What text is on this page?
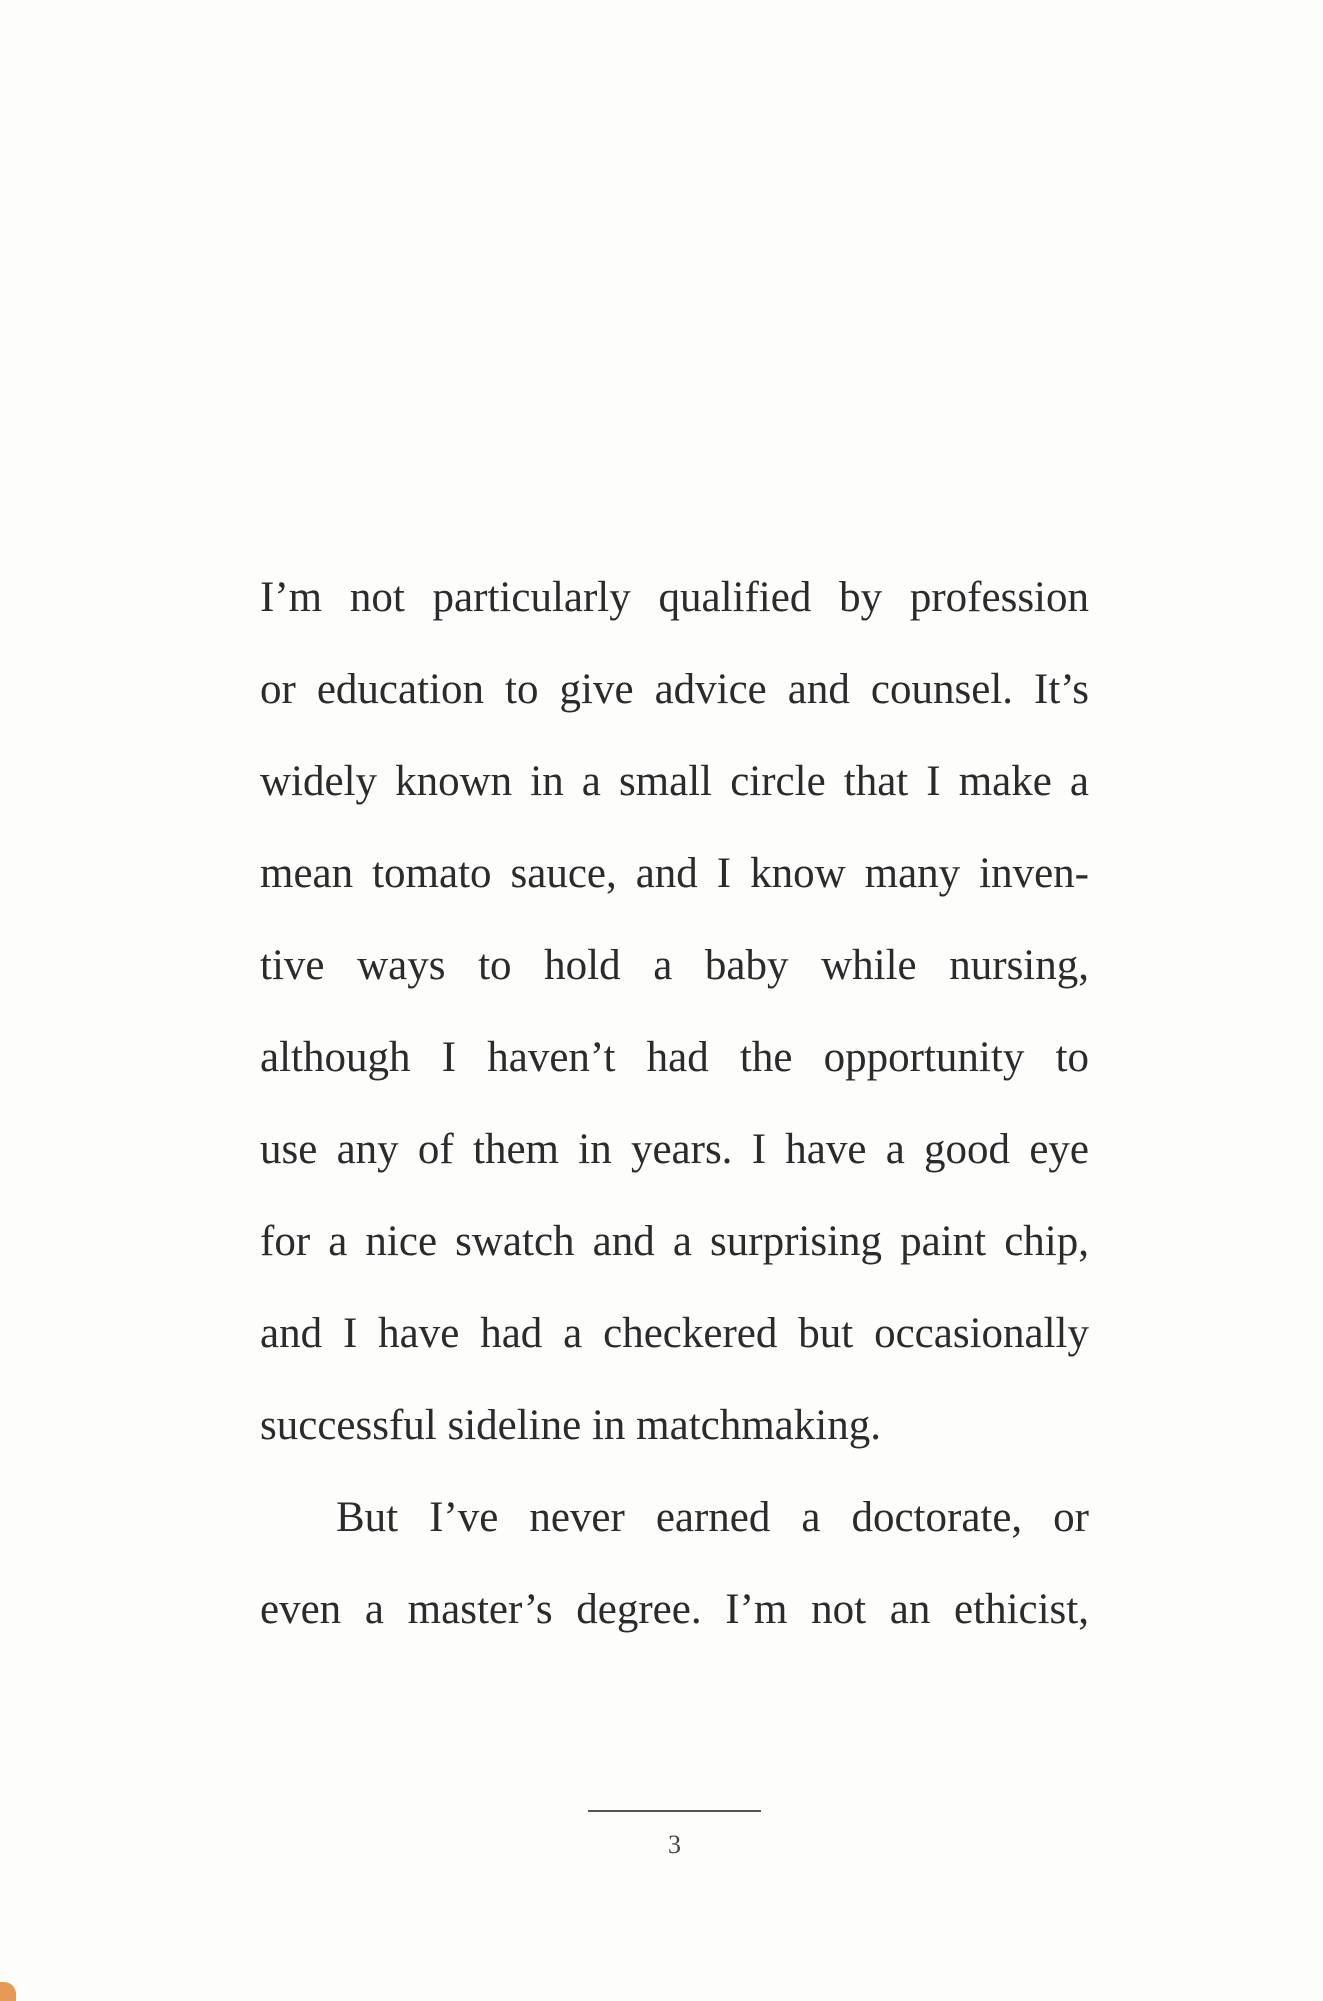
I’m not particularly qualified by profession
or education to give advice and counsel. It’s
widely known in a small circle that I make a
mean tomato sauce, and I know many inven-
tive ways to hold a baby while nursing,
although I haven’t had the opportunity to
use any of them in years. I have a good eye
for a nice swatch and a surprising paint chip,
and I have had a checkered but occasionally
successful sideline in matchmaking.
But I’ve never earned a doctorate, or
even a master’s degree. I’m not an ethicist,
3
